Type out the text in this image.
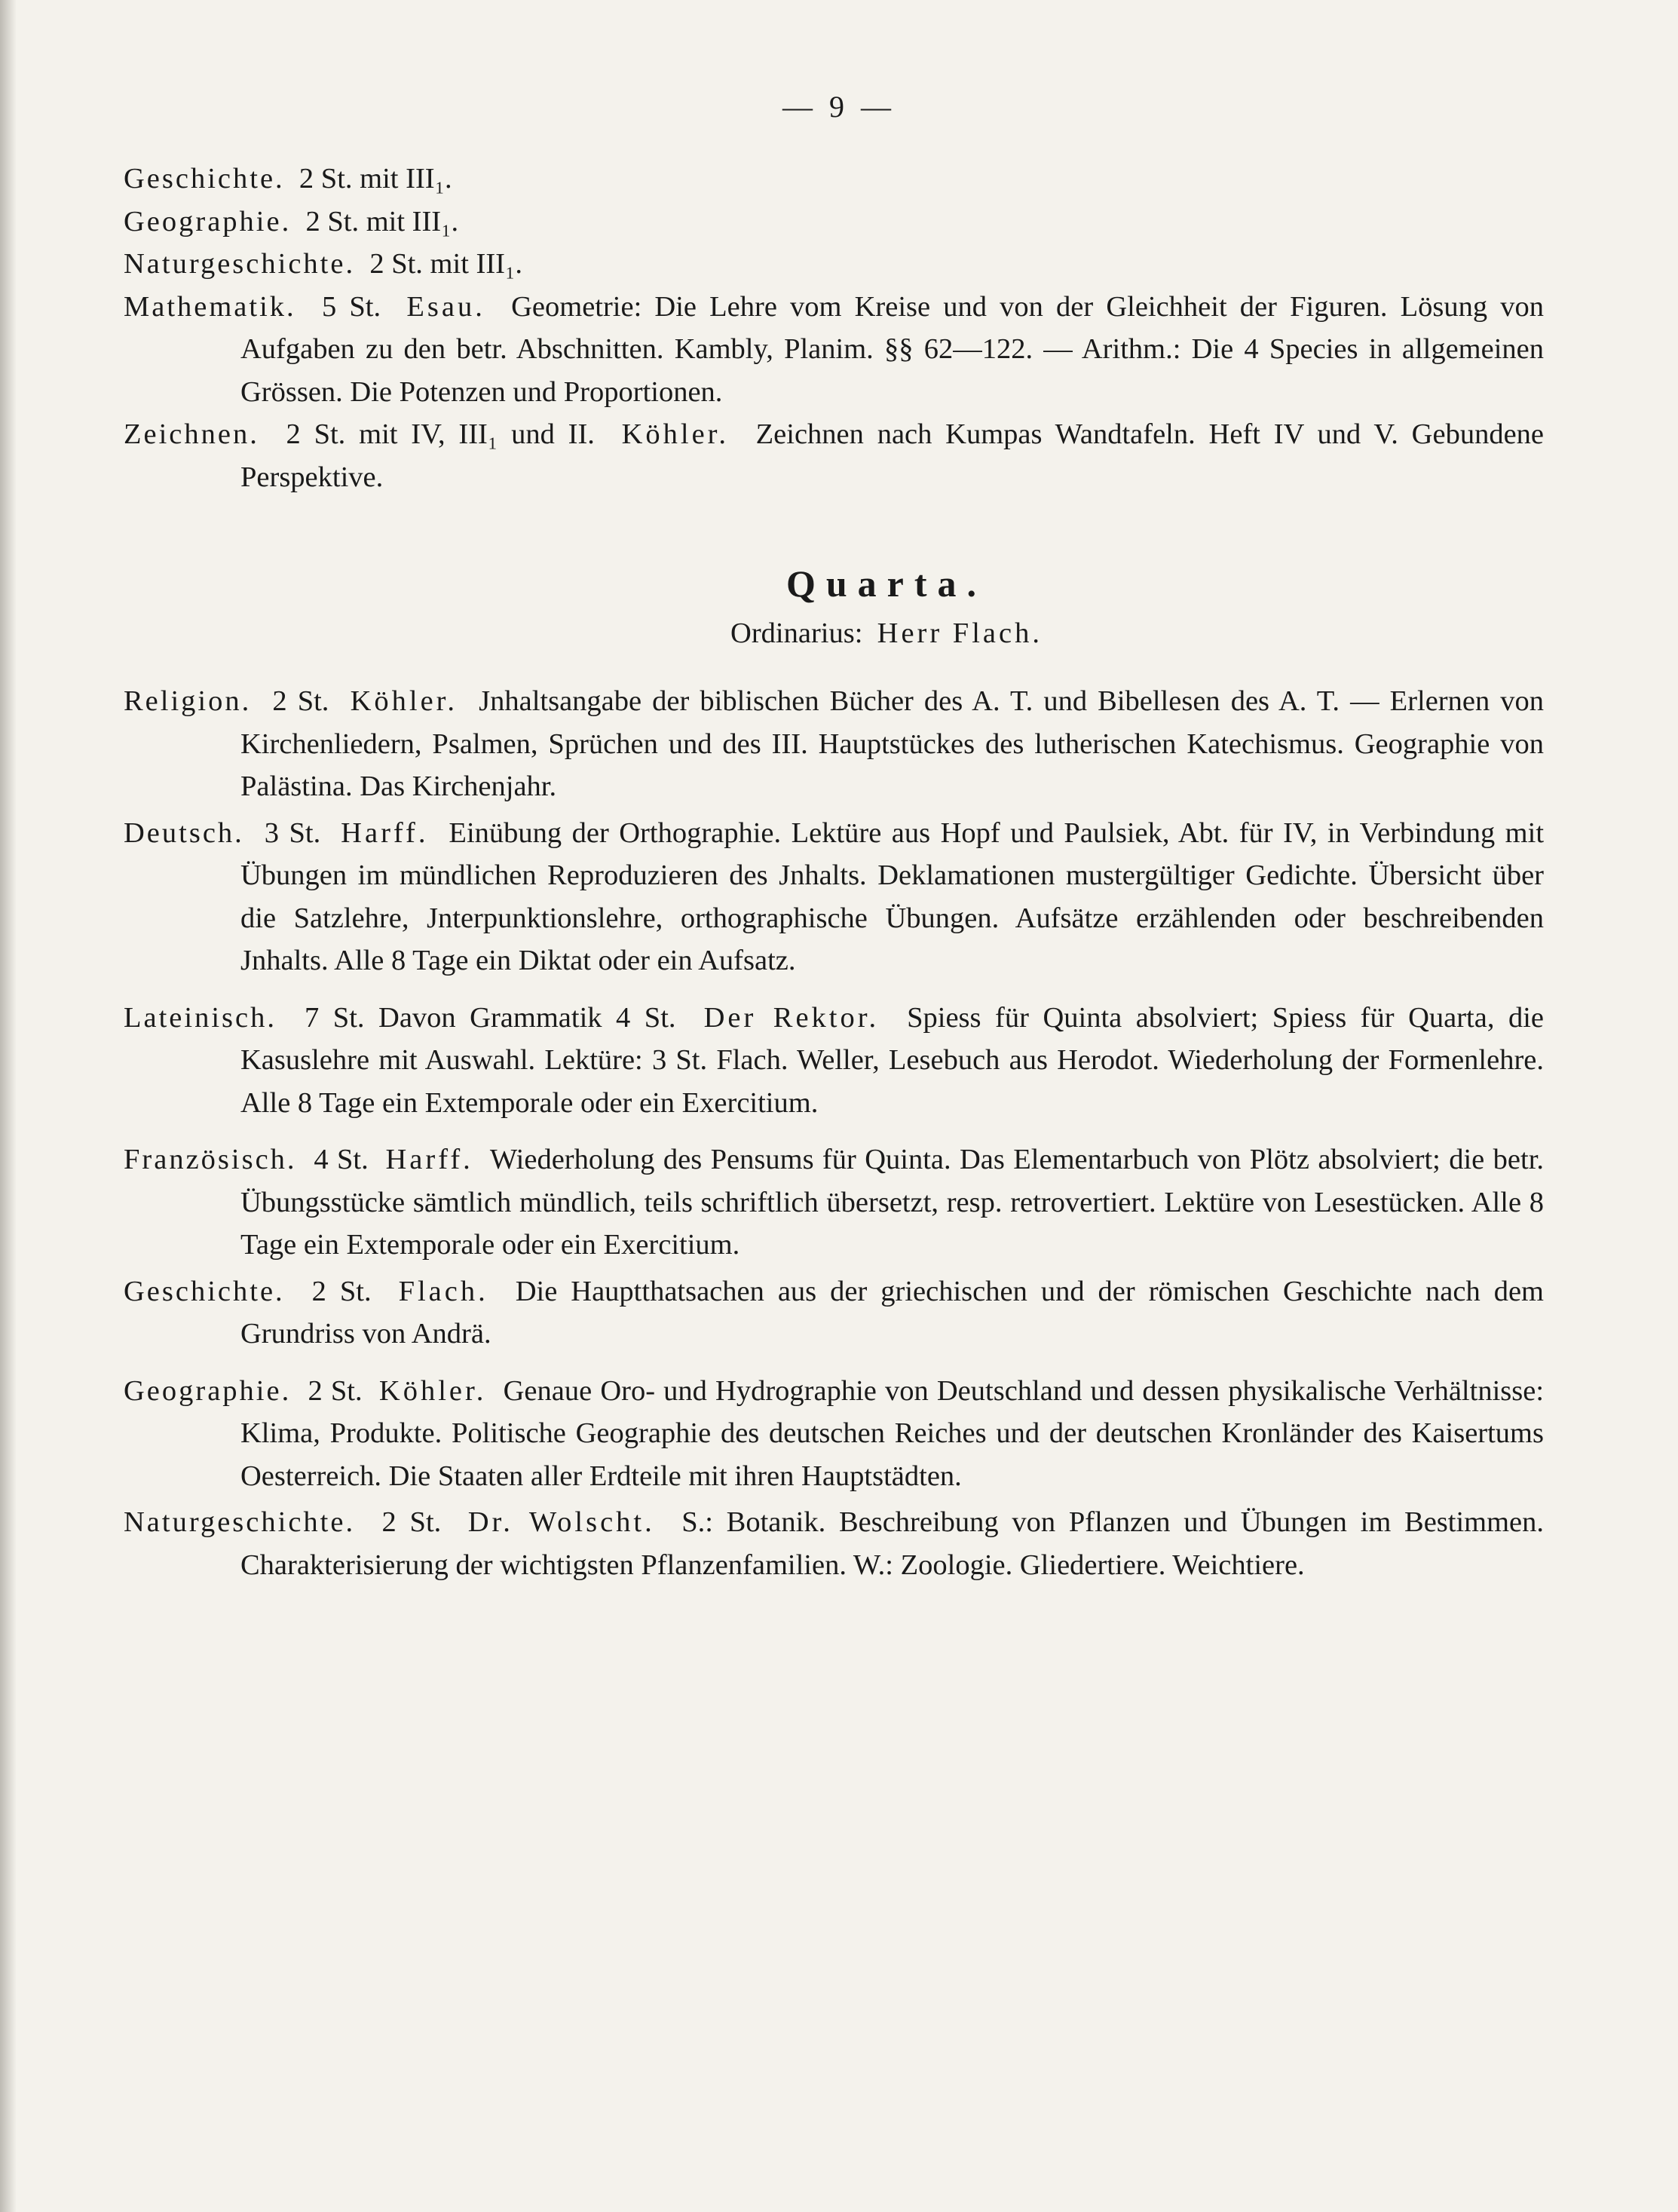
— 9 —
Geschichte. 2 St. mit III₁.
Geographie. 2 St. mit III₁.
Naturgeschichte. 2 St. mit III₁.
Mathematik. 5 St. Esau. Geometrie: Die Lehre vom Kreise und von der Gleichheit der Figuren. Lösung von Aufgaben zu den betr. Abschnitten. Kambly, Planim. §§ 62—122. — Arithm.: Die 4 Species in allgemeinen Grössen. Die Potenzen und Proportionen.
Zeichnen. 2 St. mit IV, III₁ und II. Köhler. Zeichnen nach Kumpas Wandtafeln. Heft IV und V. Gebundene Perspektive.
Quarta.
Ordinarius: Herr Flach.
Religion. 2 St. Köhler. Jnhaltsangabe der biblischen Bücher des A. T. und Bibellesen des A. T. — Erlernen von Kirchenliedern, Psalmen, Sprüchen und des III. Hauptstückes des lutherischen Katechismus. Geographie von Palästina. Das Kirchenjahr.
Deutsch. 3 St. Harff. Einübung der Orthographie. Lektüre aus Hopf und Paulsiek, Abt. für IV, in Verbindung mit Übungen im mündlichen Reproduzieren des Jnhalts. Deklamationen mustergültiger Gedichte. Übersicht über die Satzlehre, Jnterpunktionslehre, orthographische Übungen. Aufsätze erzählenden oder beschreibenden Jnhalts. Alle 8 Tage ein Diktat oder ein Aufsatz.
Lateinisch. 7 St. Davon Grammatik 4 St. Der Rektor. Spiess für Quinta absolviert; Spiess für Quarta, die Kasuslehre mit Auswahl. Lektüre: 3 St. Flach. Weller, Lesebuch aus Herodot. Wiederholung der Formenlehre. Alle 8 Tage ein Extemporale oder ein Exercitium.
Französisch. 4 St. Harff. Wiederholung des Pensums für Quinta. Das Elementarbuch von Plötz absolviert; die betr. Übungsstücke sämtlich mündlich, teils schriftlich übersetzt, resp. retrovertiert. Lektüre von Lesestücken. Alle 8 Tage ein Extemporale oder ein Exercitium.
Geschichte. 2 St. Flach. Die Hauptthatsachen aus der griechischen und der römischen Geschichte nach dem Grundriss von Andrä.
Geographie. 2 St. Köhler. Genaue Oro- und Hydrographie von Deutschland und dessen physikalische Verhältnisse: Klima, Produkte. Politische Geographie des deutschen Reiches und der deutschen Kronländer des Kaisertums Oesterreich. Die Staaten aller Erdteile mit ihren Hauptstädten.
Naturgeschichte. 2 St. Dr. Wolscht. S.: Botanik. Beschreibung von Pflanzen und Übungen im Bestimmen. Charakterisierung der wichtigsten Pflanzenfamilien. W.: Zoologie. Gliedertiere. Weichtiere.
